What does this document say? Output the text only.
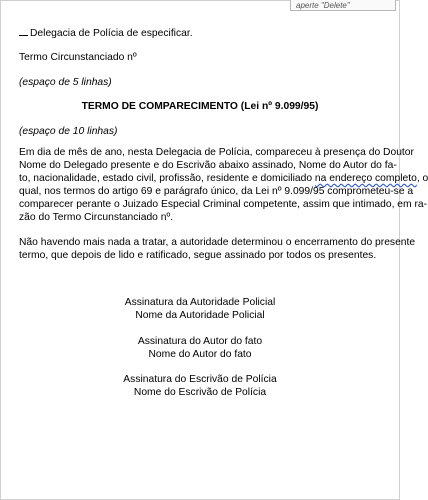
aperte "Delete"
Delegacia de Polícia de especificar.
Termo Circunstanciado nº
(espaço de 5 linhas)
TERMO DE COMPARECIMENTO (Lei nº 9.099/95)
(espaço de 10 linhas)
Em dia de mês de ano, nesta Delegacia de Polícia, compareceu à presença do Doutor
Nome do Delegado presente e do Escrivão abaixo assinado, Nome do Autor do fa-
to, nacionalidade, estado civil, profissão, residente e domiciliado na endereço completo, o
qual, nos termos do artigo 69 e parágrafo único, da Lei nº 9.099/95 comprometeu-se a
comparecer perante o Juizado Especial Criminal competente, assim que intimado, em ra-
zão do Termo Circunstanciado nº.
Não havendo mais nada a tratar, a autoridade determinou o encerramento do presente
termo, que depois de lido e ratificado, segue assinado por todos os presentes.
Assinatura da Autoridade Policial
Nome da Autoridade Policial
Assinatura do Autor do fato
Nome do Autor do fato
Assinatura do Escrivão de Polícia
Nome do Escrivão de Polícia
